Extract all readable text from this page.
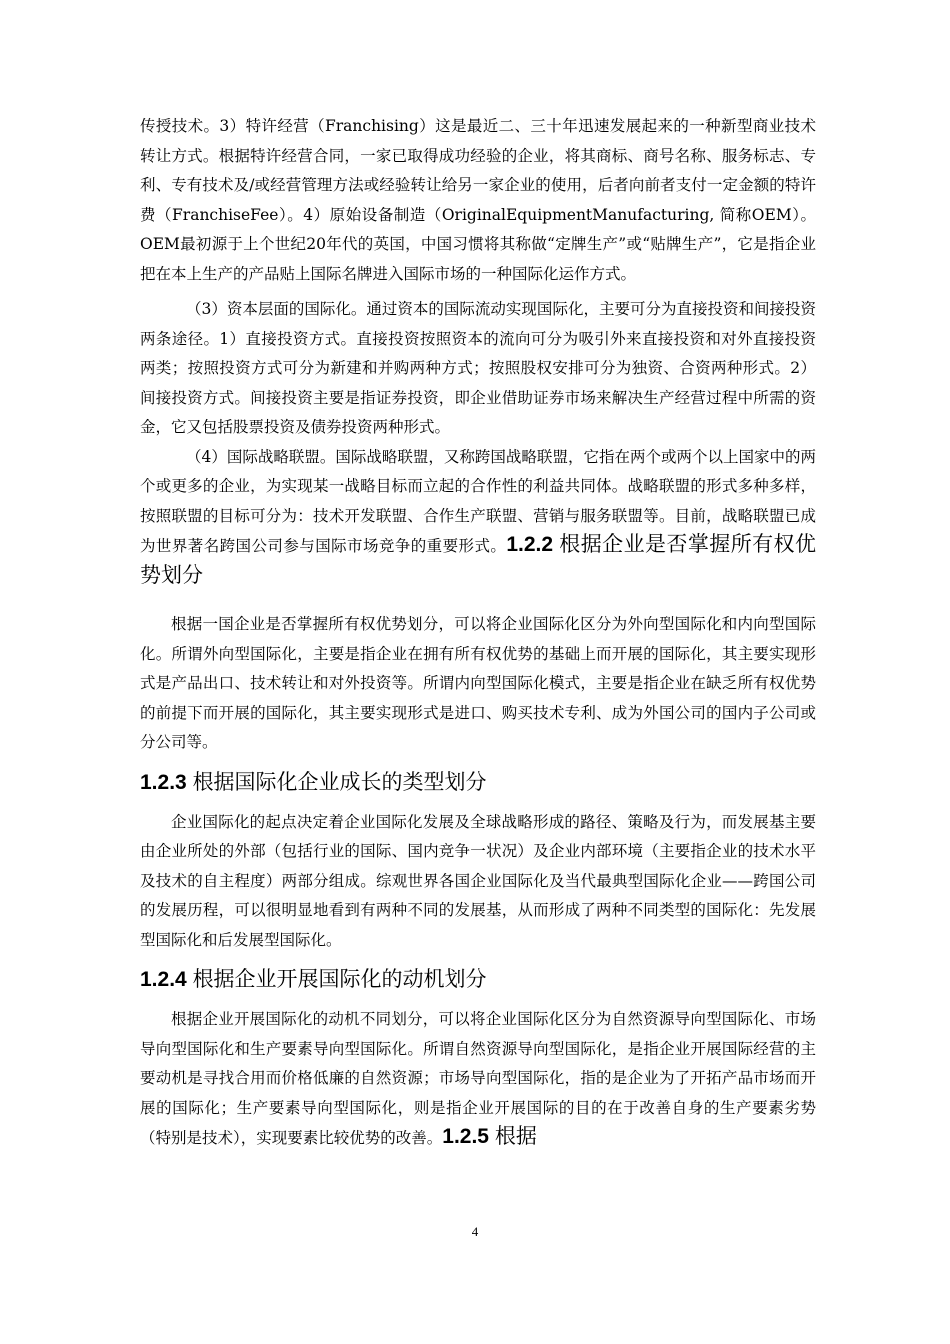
传授技术。3）特许经营（Franchising）这是最近二、三十年迅速发展起来的一种新型商业技术转让方式。根据特许经营合同，一家已取得成功经验的企业，将其商标、商号名称、服务标志、专利、专有技术及/或经营管理方法或经验转让给另一家企业的使用，后者向前者支付一定金额的特许费（FranchiseFee）。4）原始设备制造（OriginalEquipmentManufacturing, 简称OEM）。OEM最初源于上个世纪20年代的英国，中国习惯将其称做“定牌生产”或“贴牌生产”，它是指企业把在本上生产的产品贴上国际名牌进入国际市场的一种国际化运作方式。

（3）资本层面的国际化。通过资本的国际流动实现国际化，主要可分为直接投资和间接投资两条途径。1）直接投资方式。直接投资按照资本的流向可分为吸引外来直接投资和对外直接投资两类；按照投资方式可分为新建和并购两种方式；按照股权安排可分为独资、合资两种形式。2）间接投资方式。间接投资主要是指证券投资，即企业借助证券市场来解决生产经营过程中所需的资金，它又包括股票投资及债券投资两种形式。

（4）国际战略联盟。国际战略联盟，又称跨国战略联盟，它指在两个或两个以上国家中的两个或更多的企业，为实现某一战略目标而立起的合作性的利益共同体。战略联盟的形式多种多样，按照联盟的目标可分为：技术开发联盟、合作生产联盟、营销与服务联盟等。目前，战略联盟已成为世界著名跨国公司参与国际市场竞争的重要形式。1.2.2 根据企业是否掌握所有权优势划分

根据一国企业是否掌握所有权优势划分，可以将企业国际化区分为外向型国际化和内向型国际化。所谓外向型国际化，主要是指企业在拥有所有权优势的基础上而开展的国际化，其主要实现形式是产品出口、技术转让和对外投资等。所谓内向型国际化模式，主要是指企业在缺乏所有权优势的前提下而开展的国际化，其主要实现形式是进口、购买技术专利、成为外国公司的国内子公司或分公司等。

1.2.3 根据国际化企业成长的类型划分

企业国际化的起点决定着企业国际化发展及全球战略形成的路径、策略及行为，而发展基主要由企业所处的外部（包括行业的国际、国内竞争一状况）及企业内部环境（主要指企业的技术水平及技术的自主程度）两部分组成。综观世界各国企业国际化及当代最典型国际化企业——跨国公司的发展历程，可以很明显地看到有两种不同的发展基，从而形成了两种不同类型的国际化：先发展型国际化和后发展型国际化。

1.2.4 根据企业开展国际化的动机划分

根据企业开展国际化的动机不同划分，可以将企业国际化区分为自然资源导向型国际化、市场导向型国际化和生产要素导向型国际化。所谓自然资源导向型国际化，是指企业开展国际经营的主要动机是寻找合用而价格低廉的自然资源；市场导向型国际化，指的是企业为了开拓产品市场而开展的国际化；生产要素导向型国际化，则是指企业开展国际的目的在于改善自身的生产要素劣势（特别是技术），实现要素比较优势的改善。1.2.5 根据

4
